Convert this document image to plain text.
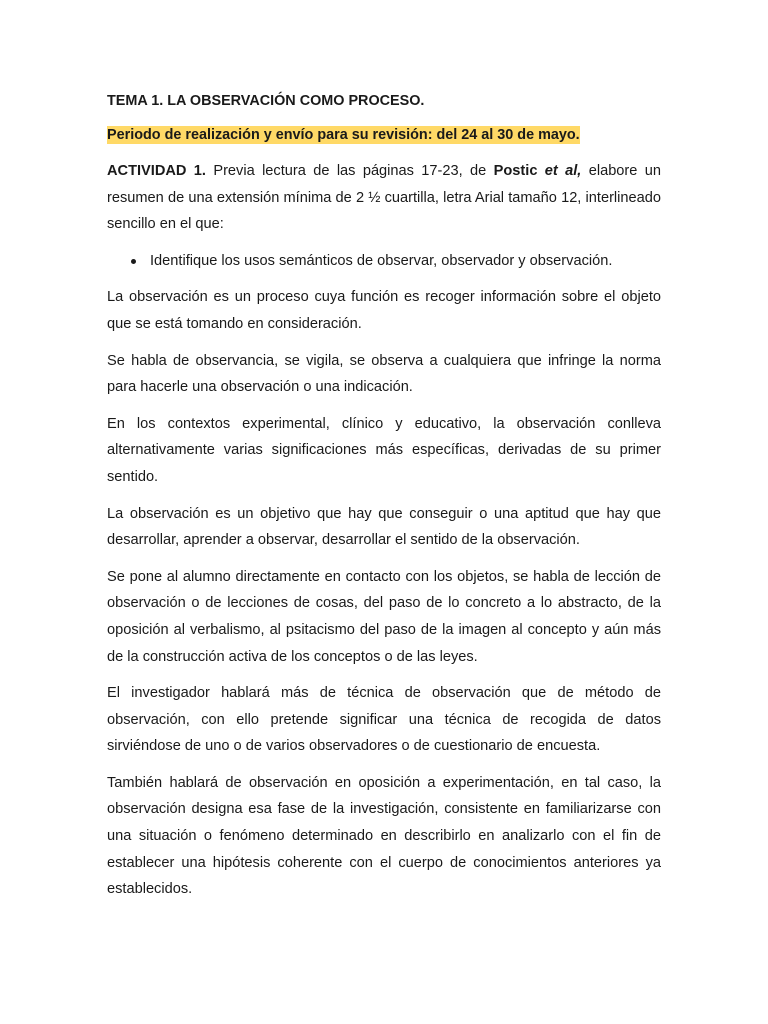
TEMA 1. LA OBSERVACIÓN COMO PROCESO.
Periodo de realización y envío para su revisión: del 24 al 30 de mayo.

ACTIVIDAD 1. Previa lectura de las páginas 17-23, de Postic et al, elabore un resumen de una extensión mínima de 2 ½ cuartilla, letra Arial tamaño 12, interlineado sencillo en el que:

Identifique los usos semánticos de observar, observador y observación.

La observación es un proceso cuya función es recoger información sobre el objeto que se está tomando en consideración.

Se habla de observancia, se vigila, se observa a cualquiera que infringe la norma para hacerle una observación o una indicación.

En los contextos experimental, clínico y educativo, la observación conlleva alternativamente varias significaciones más específicas, derivadas de su primer sentido.

La observación es un objetivo que hay que conseguir o una aptitud que hay que desarrollar, aprender a observar, desarrollar el sentido de la observación.

Se pone al alumno directamente en contacto con los objetos, se habla de lección de observación o de lecciones de cosas, del paso de lo concreto a lo abstracto, de la oposición al verbalismo, al psitacismo del paso de la imagen al concepto y aún más de la construcción activa de los conceptos o de las leyes.

El investigador hablará más de técnica de observación que de método de observación, con ello pretende significar una técnica de recogida de datos sirviéndose de uno o de varios observadores o de cuestionario de encuesta.

También hablará de observación en oposición a experimentación, en tal caso, la observación designa esa fase de la investigación, consistente en familiarizarse con una situación o fenómeno determinado en describirlo en analizarlo con el fin de establecer una hipótesis coherente con el cuerpo de conocimientos anteriores ya establecidos.
